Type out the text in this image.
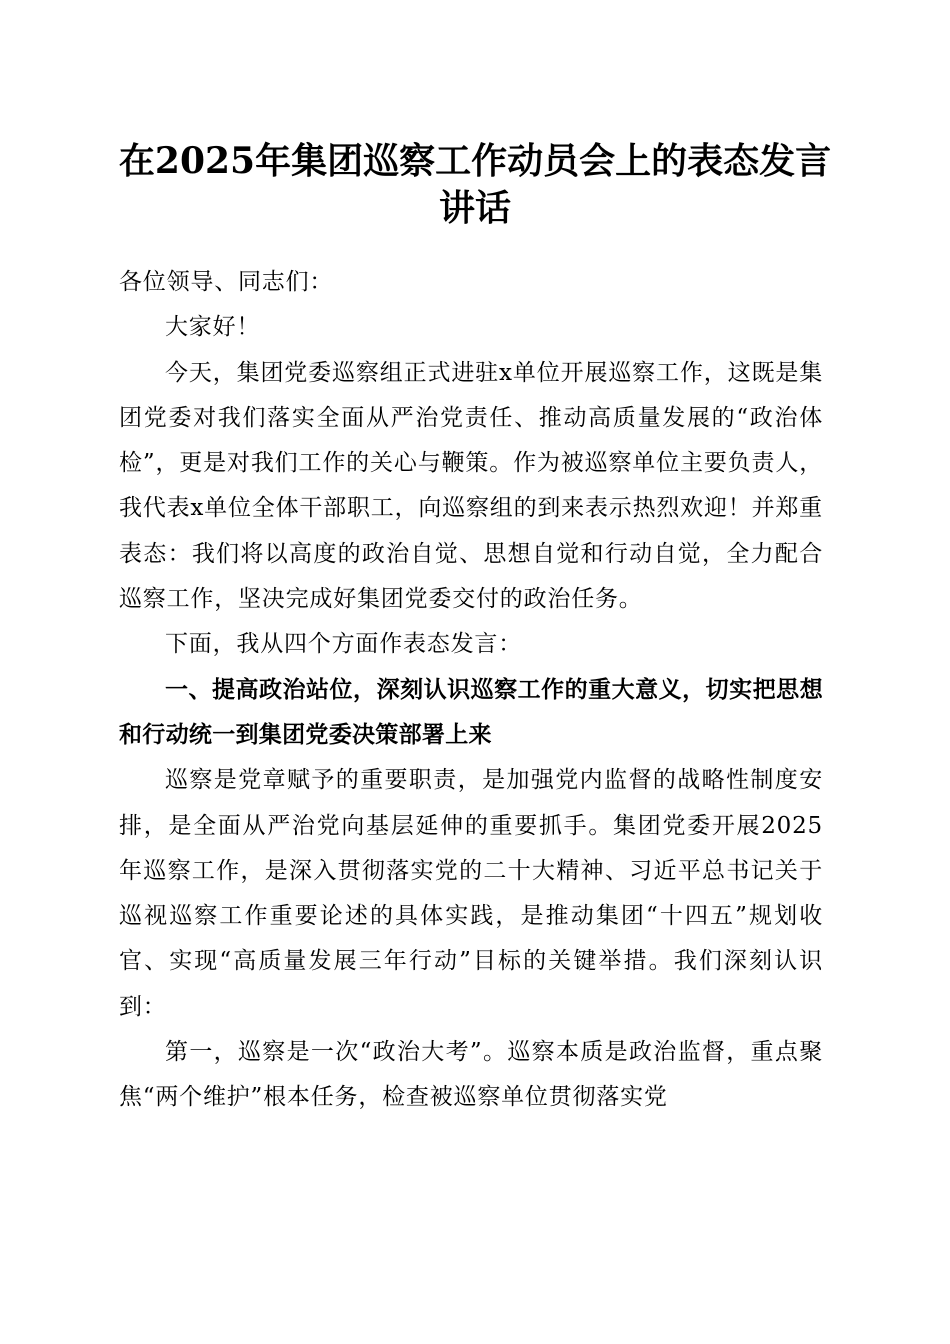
在2025年集团巡察工作动员会上的表态发言
讲话

各位领导、同志们：

大家好！

今天，集团党委巡察组正式进驻x单位开展巡察工作，这既是集团党委对我们落实全面从严治党责任、推动高质量发展的“政治体检”，更是对我们工作的关心与鞭策。作为被巡察单位主要负责人，我代表x单位全体干部职工，向巡察组的到来表示热烈欢迎！并郑重表态：我们将以高度的政治自觉、思想自觉和行动自觉，全力配合巡察工作，坚决完成好集团党委交付的政治任务。

下面，我从四个方面作表态发言：

一、提高政治站位，深刻认识巡察工作的重大意义，切实把思想和行动统一到集团党委决策部署上来

巡察是党章赋予的重要职责，是加强党内监督的战略性制度安排，是全面从严治党向基层延伸的重要抓手。集团党委开展2025年巡察工作，是深入贯彻落实党的二十大精神、习近平总书记关于巡视巡察工作重要论述的具体实践，是推动集团“十四五”规划收官、实现“高质量发展三年行动”目标的关键举措。我们深刻认识到：

第一，巡察是一次“政治大考”。巡察本质是政治监督，重点聚焦“两个维护”根本任务，检查被巡察单位贯彻落实党
